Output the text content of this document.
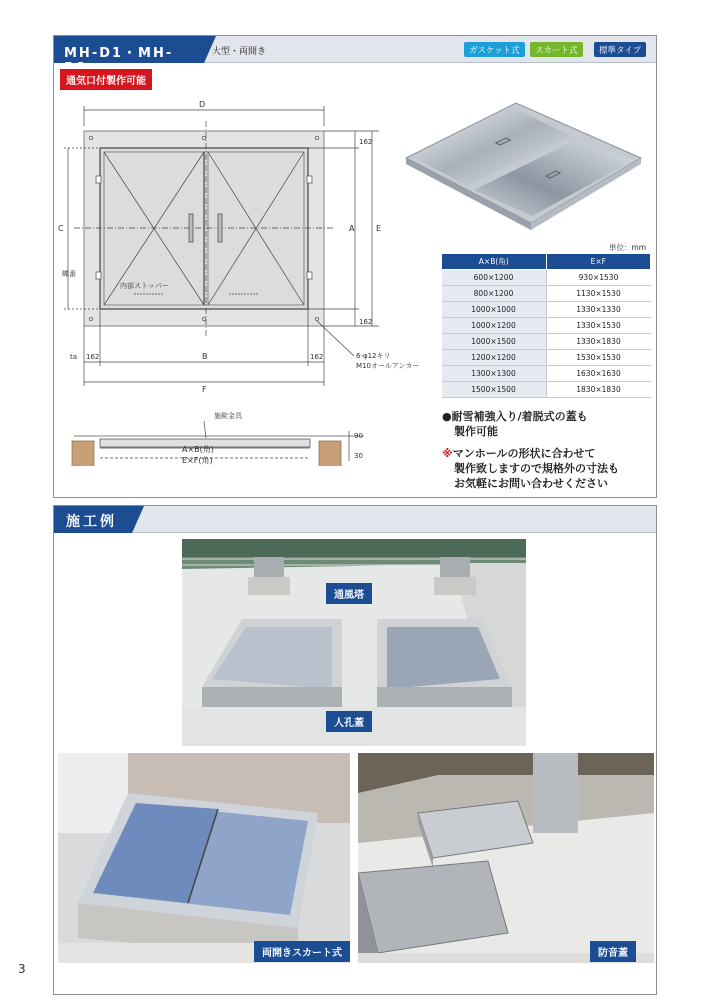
MH-D1・MH-	大型・両開き	ガスケット式	スカート式	標準タイプ
通気口付製作可能
D
C	A	E
B
F
ta 162	162
162
162
蝶番
内部ストッパー
6-φ12キリ
M10オールアンカー
施錠金具
90
30
A×B(角)
E×F(角)
単位：mm
A×B(角)	E×F
600×1200	930×1530
800×1200	1130×1530
1000×1000	1330×1330
1000×1200	1330×1530
1000×1500	1330×1830
1200×1200	1530×1530
1300×1300	1630×1630
1500×1500	1830×1830
●耐雪補強入り/着脱式の蓋も
製作可能
※マンホールの形状に合わせて
製作致しますので規格外の寸法も
お気軽にお問い合わせください
施工例
通風塔
人孔蓋
両開きスカート式	防音蓋
3
